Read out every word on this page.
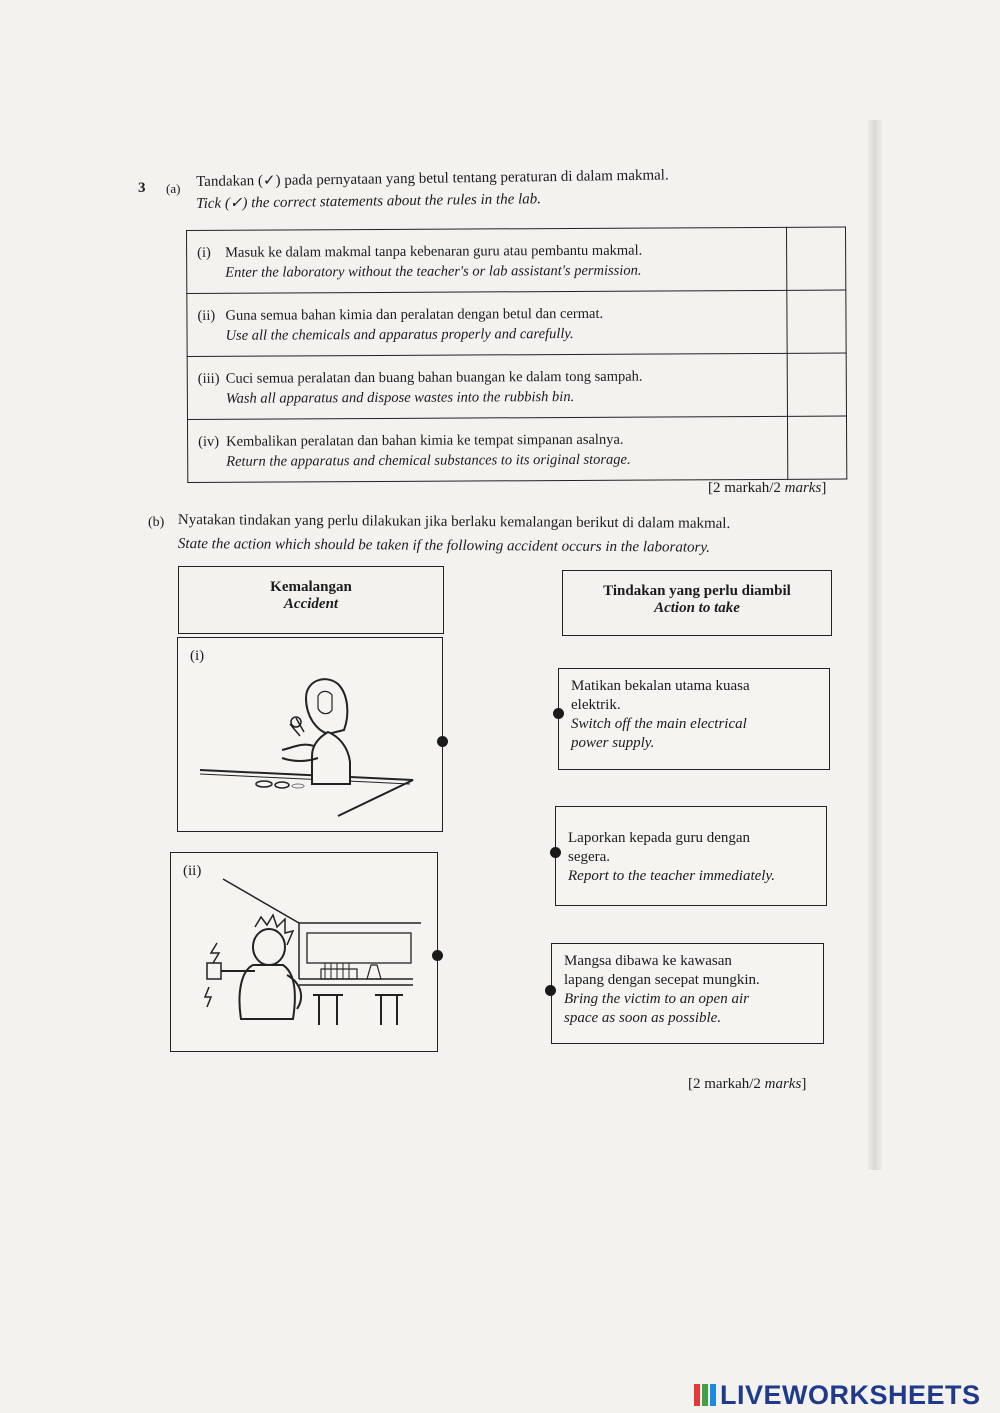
3 (a) Tandakan (✓) pada pernyataan yang betul tentang peraturan di dalam makmal.
Tick (✓) the correct statements about the rules in the lab.
(i) Masuk ke dalam makmal tanpa kebenaran guru atau pembantu makmal.
Enter the laboratory without the teacher's or lab assistant's permission.	

(ii) Guna semua bahan kimia dan peralatan dengan betul dan cermat.
Use all the chemicals and apparatus properly and carefully.	

(iii) Cuci semua peralatan dan buang bahan buangan ke dalam tong sampah.
Wash all apparatus and dispose wastes into the rubbish bin.	

(iv) Kembalikan peralatan dan bahan kimia ke tempat simpanan asalnya.
Return the apparatus and chemical substances to its original storage.	

[2 markah/2 marks]
(b) Nyatakan tindakan yang perlu dilakukan jika berlaku kemalangan berikut di dalam makmal.
State the action which should be taken if the following accident occurs in the laboratory.
Kemalangan
Accident
Tindakan yang perlu diambil
Action to take
(i)
(ii)
Matikan bekalan utama kuasa
elektrik.
Switch off the main electrical
power supply.
Laporkan kepada guru dengan
segera.
Report to the teacher immediately.
Mangsa dibawa ke kawasan
lapang dengan secepat mungkin.
Bring the victim to an open air
space as soon as possible.
[2 markah/2 marks]
LIVEWORKSHEETS
